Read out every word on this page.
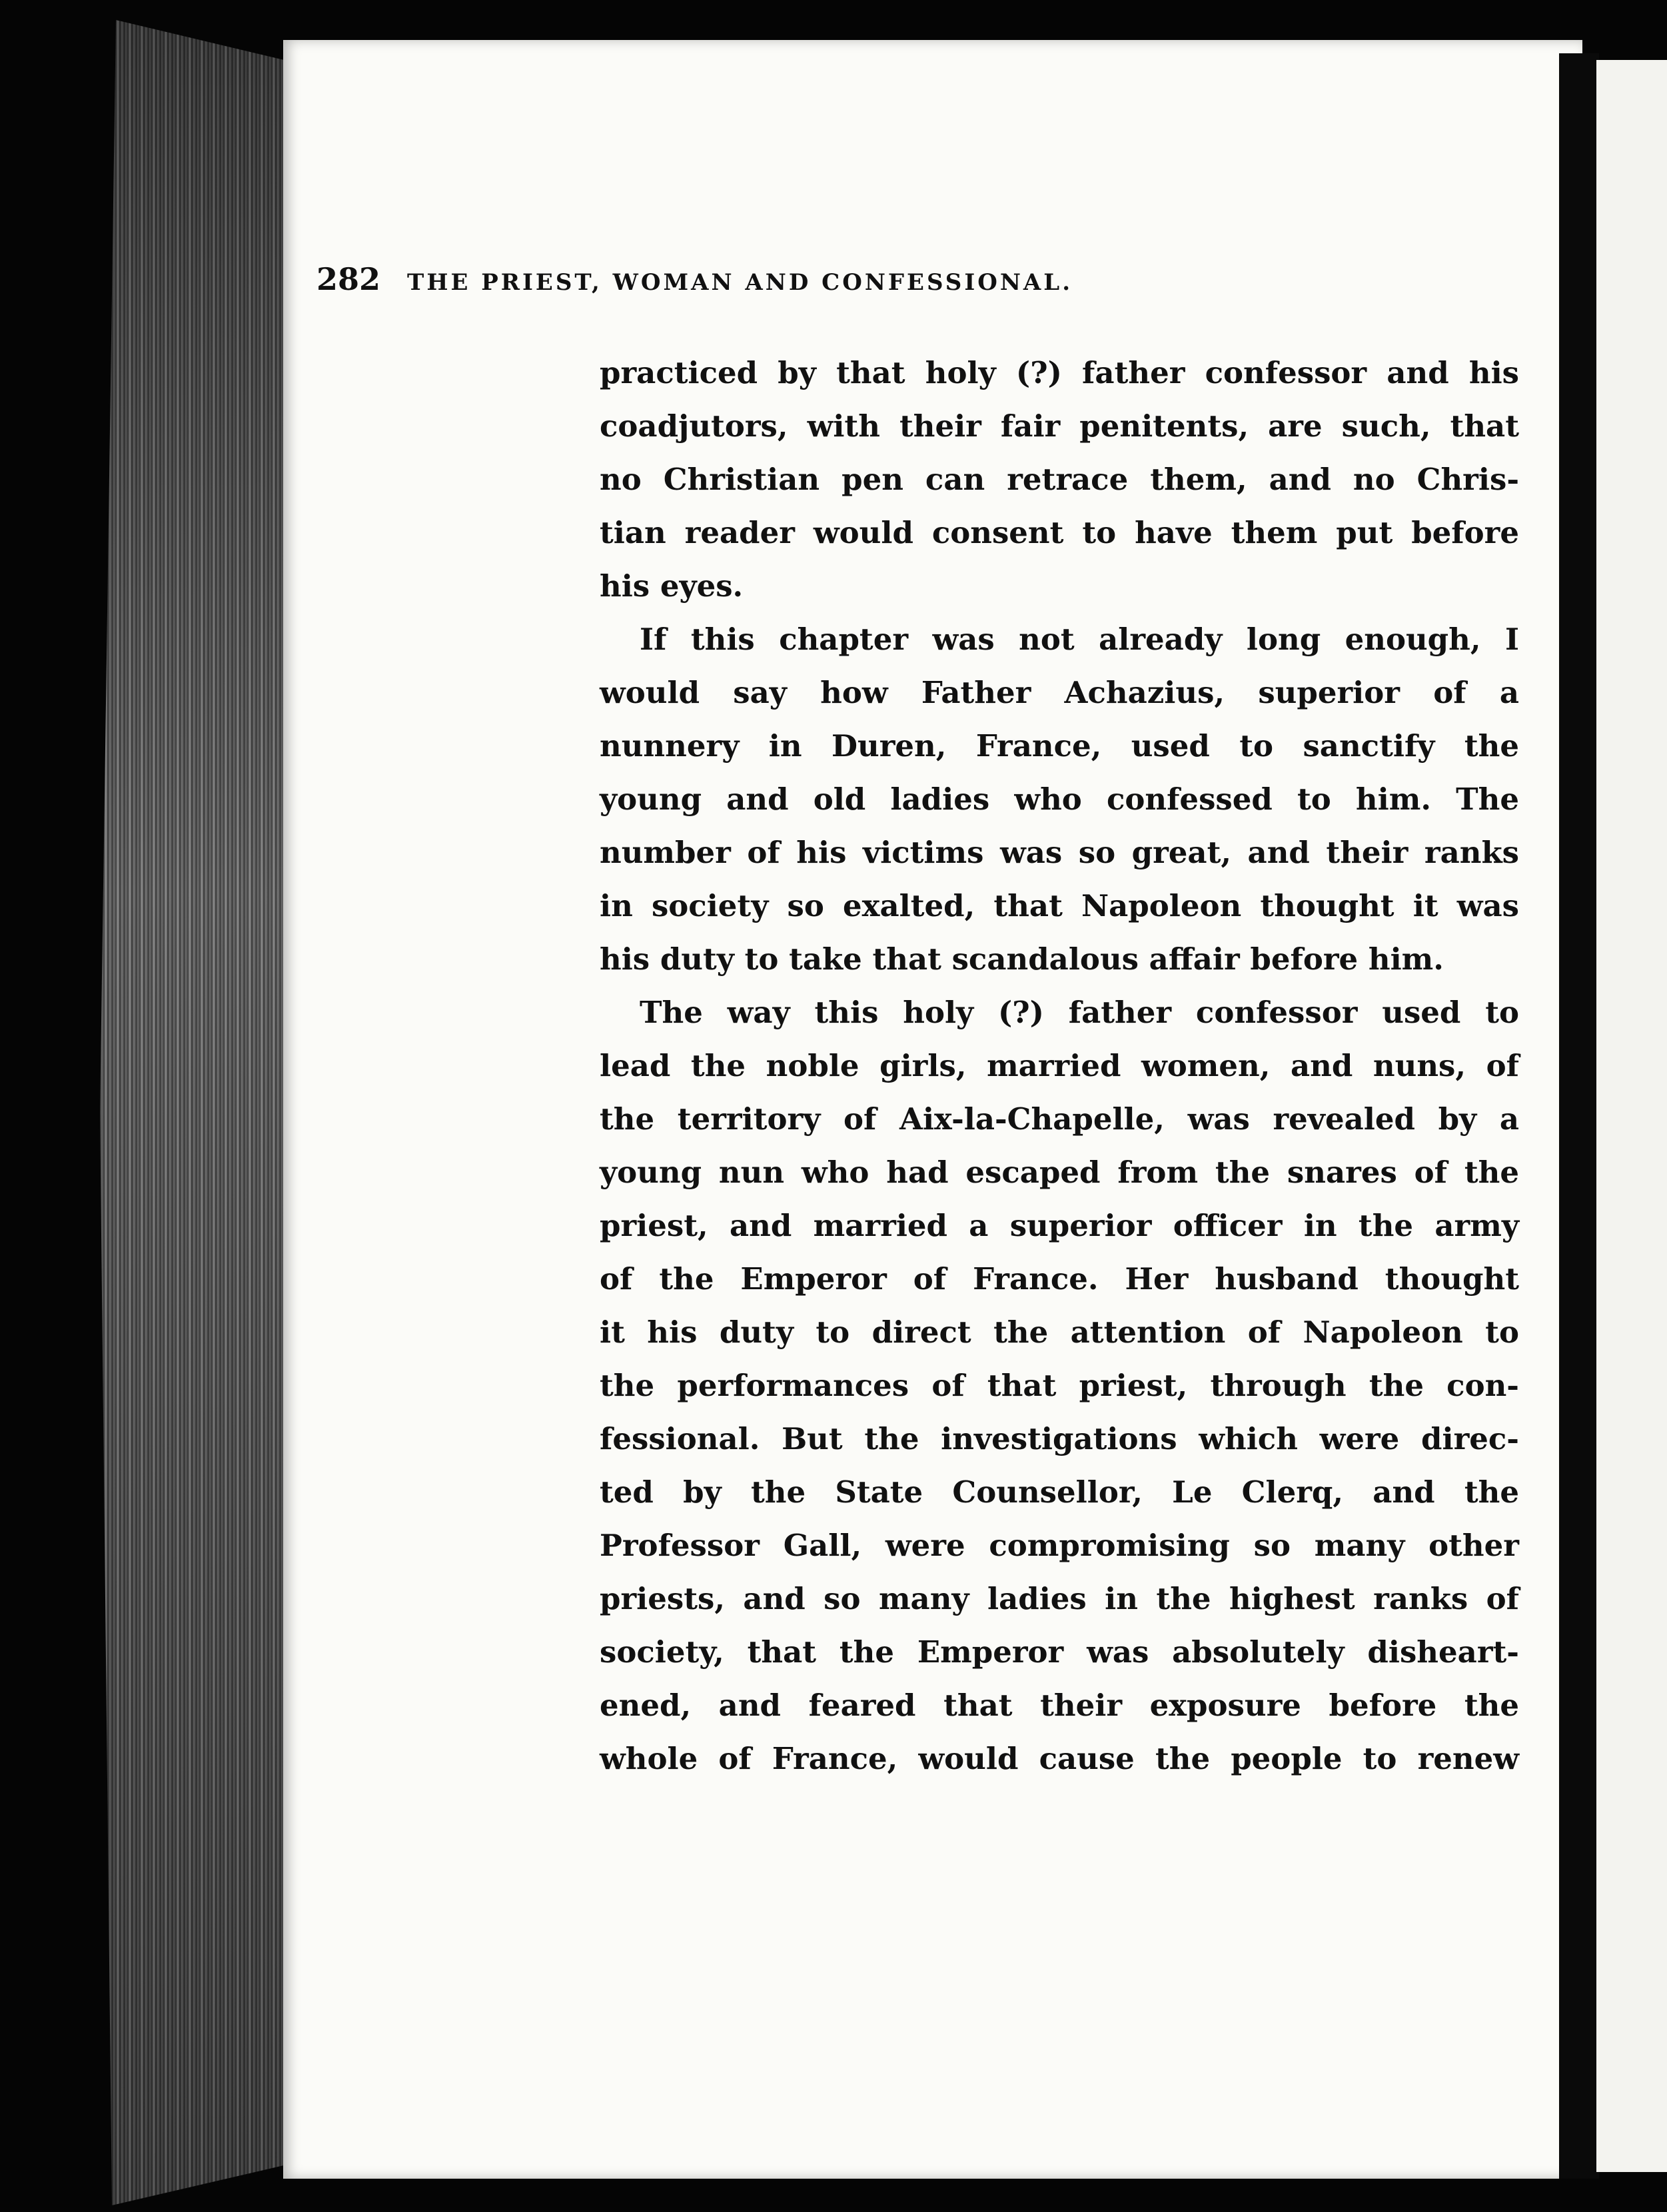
282 THE PRIEST, WOMAN AND CONFESSIONAL.
practiced by that holy (?) father confessor and his
coadjutors, with their fair penitents, are such, that
no Christian pen can retrace them, and no Chris-
tian reader would consent to have them put before
his eyes.
If this chapter was not already long enough, I
would say how Father Achazius, superior of a
nunnery in Duren, France, used to sanctify the
young and old ladies who confessed to him. The
number of his victims was so great, and their ranks
in society so exalted, that Napoleon thought it was
his duty to take that scandalous affair before him.
The way this holy (?) father confessor used to
lead the noble girls, married women, and nuns, of
the territory of Aix-la-Chapelle, was revealed by a
young nun who had escaped from the snares of the
priest, and married a superior officer in the army
of the Emperor of France. Her husband thought
it his duty to direct the attention of Napoleon to
the performances of that priest, through the con-
fessional. But the investigations which were direc-
ted by the State Counsellor, Le Clerq, and the
Professor Gall, were compromising so many other
priests, and so many ladies in the highest ranks of
society, that the Emperor was absolutely disheart-
ened, and feared that their exposure before the
whole of France, would cause the people to renew
